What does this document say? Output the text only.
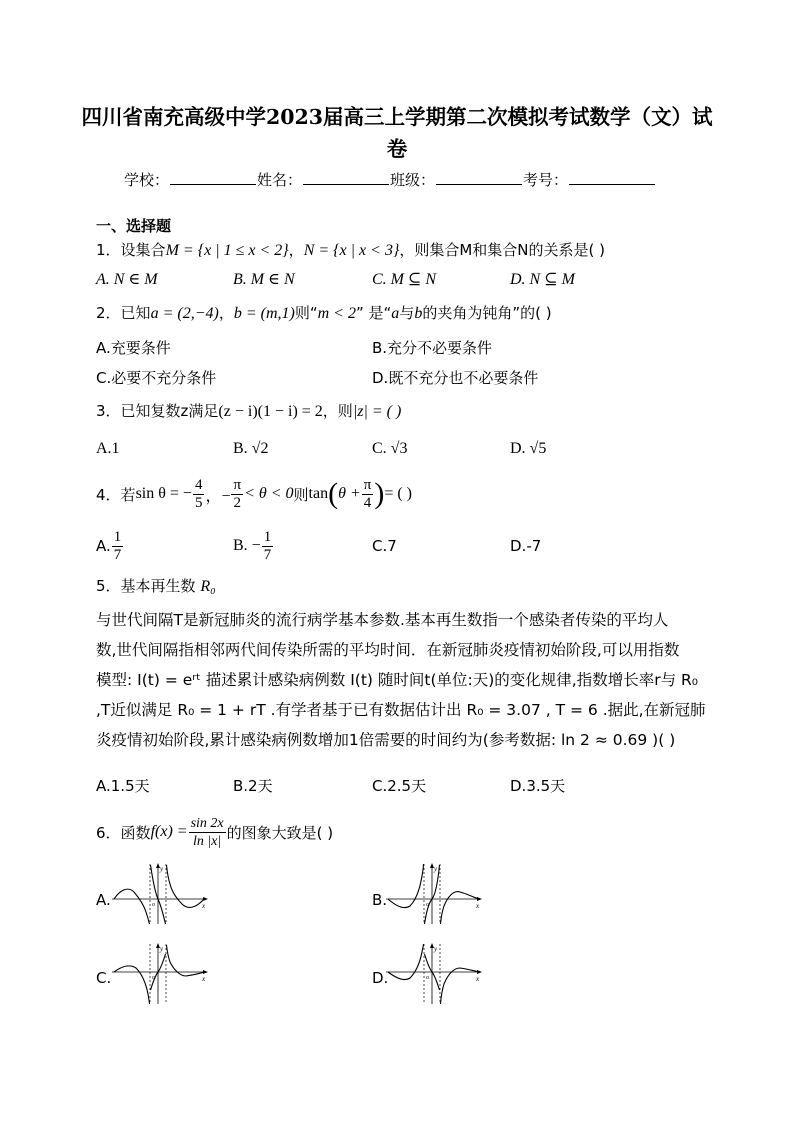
四川省南充高级中学2023届高三上学期第二次模拟考试数学（文）试
卷
学校：	姓名：	班级：	考号：
一、选择题
1．设集合M = {x | 1 ≤ x < 2}，N = {x | x < 3}，则集合M和集合N的关系是( )
A. N ∈ M	B. M ∈ N	C. M ⊆ N	D. N ⊆ M
2．已知a = (2,−4)，b = (m,1)则“m < 2” 是“a与b的夹角为钝角”的( )
A.充要条件	B.充分不必要条件
C.必要不充分条件	D.既不充分也不必要条件
3．已知复数z满足(z − i)(1 − i) = 2，则|z| = ( )
A.1	B. √2	C. √3	D. √5
4． 若 sin θ = − $\frac{4}{5}$ ，− $\frac{\pi}{2} < \theta < 0$ 则 tan ( $\theta + \frac{\pi}{4}$ ) = ( )
A. $\frac{1}{7}$	B. − $\frac{1}{7}$	C.7	D.-7
5．基本再生数 R₀
与世代间隔T是新冠肺炎的流行病学基本参数.基本再生数指一个感染者传染的平均人
数,世代间隔指相邻两代间传染所需的平均时间．在新冠肺炎疫情初始阶段,可以用指数
模型: I(t) = eʳᵗ 描述累计感染病例数 I(t) 随时间t(单位:天)的变化规律,指数增长率r与 R₀
,T近似满足 R₀ = 1 + rT .有学者基于已有数据估计出 R₀ = 3.07 , T = 6 .据此,在新冠肺
炎疫情初始阶段,累计感染病例数增加1倍需要的时间约为(参考数据: ln 2 ≈ 0.69 )( )
A.1.5天	B.2天	C.2.5天	D.3.5天
6． 函数 $f(x) = \frac{\sin 2x}{\ln |x|}$ 的图象大致是( )
A.	B.
C.	D.
y
x
o
y
x
o
y
x
o
y
x
o
